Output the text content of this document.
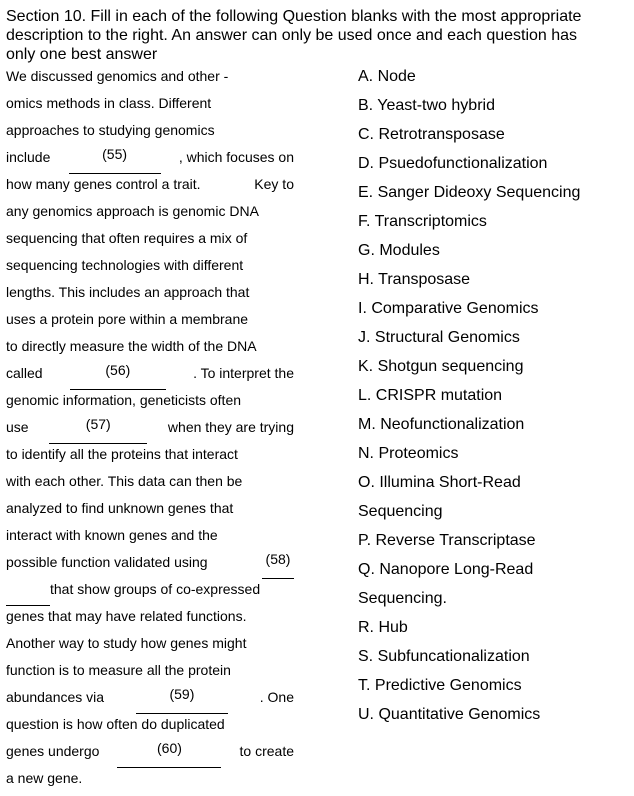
Section 10. Fill in each of the following Question blanks with the most appropriate
description to the right. An answer can only be used once and each question has
only one best answer
We discussed genomics and other -
omics methods in class. Different
approaches to studying genomics
include	(55)	, which focuses on
how many genes control a trait.	Key to
any genomics approach is genomic DNA
sequencing that often requires a mix of
sequencing technologies with different
lengths. This includes an approach that
uses a protein pore within a membrane
to directly measure the width of the DNA
called	(56)	. To interpret the
genomic information, geneticists often
use	(57)	when they are trying
to identify all the proteins that interact
with each other. This data can then be
analyzed to find unknown genes that
interact with known genes and the
possible function validated using	(58)
that show groups of co-expressed
genes that may have related functions.
Another way to study how genes might
function is to measure all the protein
abundances via	(59)	. One
question is how often do duplicated
genes undergo	(60)	to create
a new gene.
A. Node
B. Yeast-two hybrid
C. Retrotransposase
D. Psuedofunctionalization
E. Sanger Dideoxy Sequencing
F. Transcriptomics
G. Modules
H. Transposase
I. Comparative Genomics
J. Structural Genomics
K. Shotgun sequencing
L. CRISPR mutation
M. Neofunctionalization
N. Proteomics
O. Illumina Short-Read
Sequencing
P. Reverse Transcriptase
Q. Nanopore Long-Read
Sequencing.
R. Hub
S. Subfuncationalization
T. Predictive Genomics
U. Quantitative Genomics
